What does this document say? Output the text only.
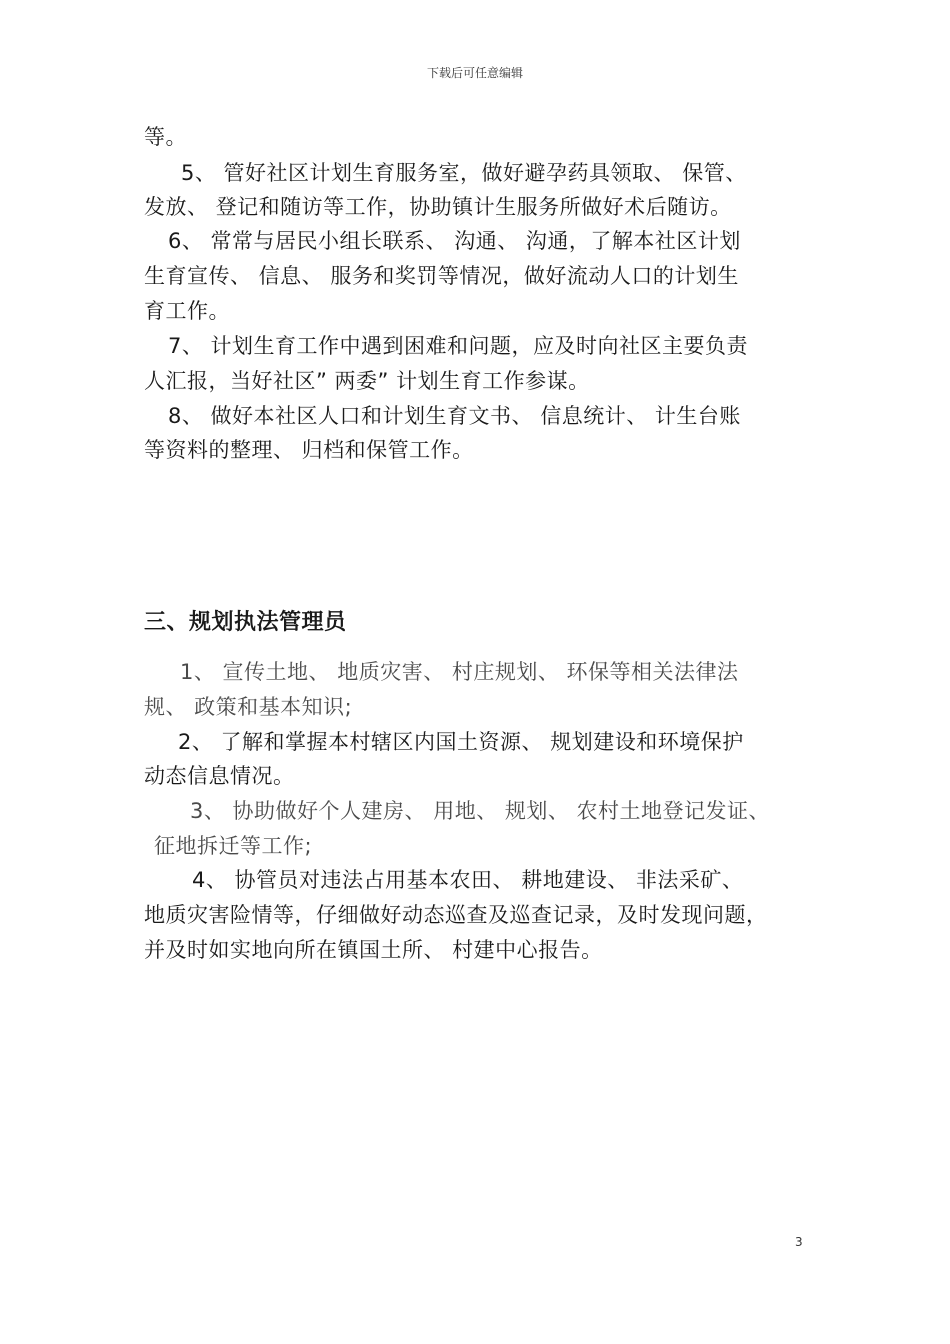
下载后可任意编辑
等。
5、 管好社区计划生育服务室，做好避孕药具领取、 保管、
发放、 登记和随访等工作，协助镇计生服务所做好术后随访。
6、 常常与居民小组长联系、 沟通、 沟通，了解本社区计划
生育宣传、 信息、 服务和奖罚等情况，做好流动人口的计划生
育工作。
7、 计划生育工作中遇到困难和问题，应及时向社区主要负责
人汇报，当好社区” 两委” 计划生育工作参谋。
8、 做好本社区人口和计划生育文书、 信息统计、 计生台账
等资料的整理、 归档和保管工作。
三、规划执法管理员
1、 宣传土地、 地质灾害、 村庄规划、 环保等相关法律法
规、 政策和基本知识;
2、 了解和掌握本村辖区内国土资源、 规划建设和环境保护
动态信息情况。
3、 协助做好个人建房、 用地、 规划、 农村土地登记发证、
征地拆迁等工作;
4、 协管员对违法占用基本农田、 耕地建设、 非法采矿、
地质灾害险情等，仔细做好动态巡查及巡查记录，及时发现问题，
并及时如实地向所在镇国土所、 村建中心报告。
3
